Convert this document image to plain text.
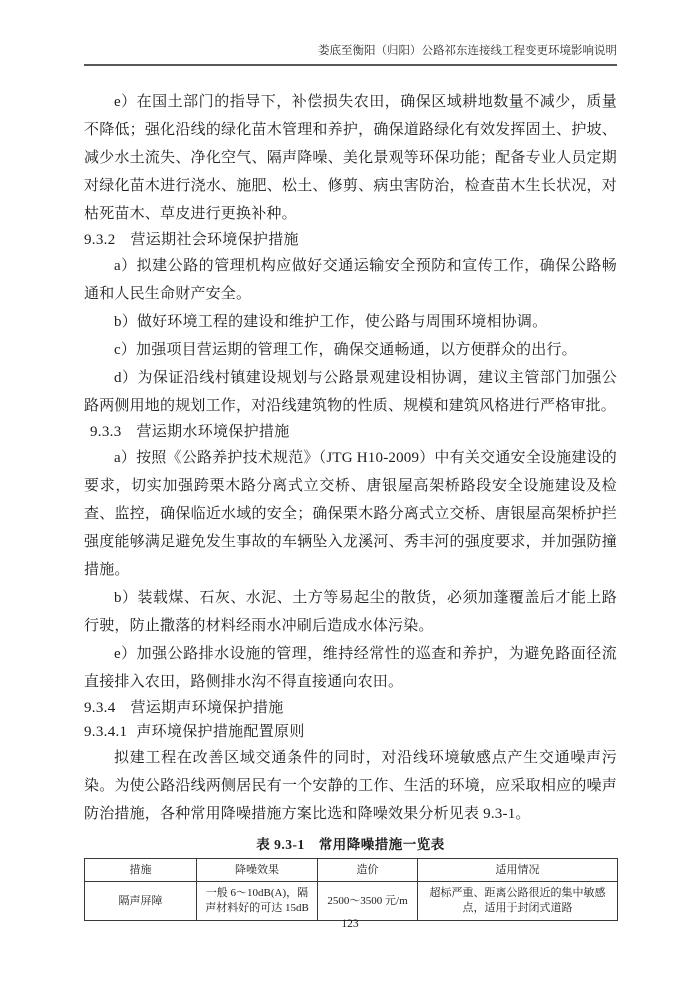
娄底至衡阳（归阳）公路祁东连接线工程变更环境影响说明

e）在国土部门的指导下，补偿损失农田，确保区域耕地数量不减少，质量不降低；强化沿线的绿化苗木管理和养护，确保道路绿化有效发挥固土、护坡、减少水土流失、净化空气、隔声降噪、美化景观等环保功能；配备专业人员定期对绿化苗木进行浇水、施肥、松土、修剪、病虫害防治，检查苗木生长状况，对枯死苗木、草皮进行更换补种。

9.3.2 营运期社会环境保护措施

a）拟建公路的管理机构应做好交通运输安全预防和宣传工作，确保公路畅通和人民生命财产安全。

b）做好环境工程的建设和维护工作，使公路与周围环境相协调。

c）加强项目营运期的管理工作，确保交通畅通，以方便群众的出行。

d）为保证沿线村镇建设规划与公路景观建设相协调，建议主管部门加强公路两侧用地的规划工作，对沿线建筑物的性质、规模和建筑风格进行严格审批。

9.3.3 营运期水环境保护措施

a）按照《公路养护技术规范》（JTG H10-2009）中有关交通安全设施建设的要求，切实加强跨栗木路分离式立交桥、唐银屋高架桥路段安全设施建设及检查、监控，确保临近水域的安全；确保栗木路分离式立交桥、唐银屋高架桥护拦强度能够满足避免发生事故的车辆坠入龙溪河、秀丰河的强度要求，并加强防撞措施。

b）装载煤、石灰、水泥、土方等易起尘的散货，必须加蓬覆盖后才能上路行驶，防止撒落的材料经雨水冲刷后造成水体污染。

e）加强公路排水设施的管理，维持经常性的巡查和养护，为避免路面径流直接排入农田，路侧排水沟不得直接通向农田。

9.3.4 营运期声环境保护措施
9.3.4.1 声环境保护措施配置原则

拟建工程在改善区域交通条件的同时，对沿线环境敏感点产生交通噪声污染。为使公路沿线两侧居民有一个安静的工作、生活的环境，应采取相应的噪声防治措施，各种常用降噪措施方案比选和降噪效果分析见表 9.3-1。

表 9.3-1　常用降噪措施一览表
措施	降噪效果	造价	适用情况
隔声屏障	一般 6～10dB(A)，隔声材料好的可达 15dB	2500～3500 元/m	超标严重、距离公路很近的集中敏感点，适用于封闭式道路
123
